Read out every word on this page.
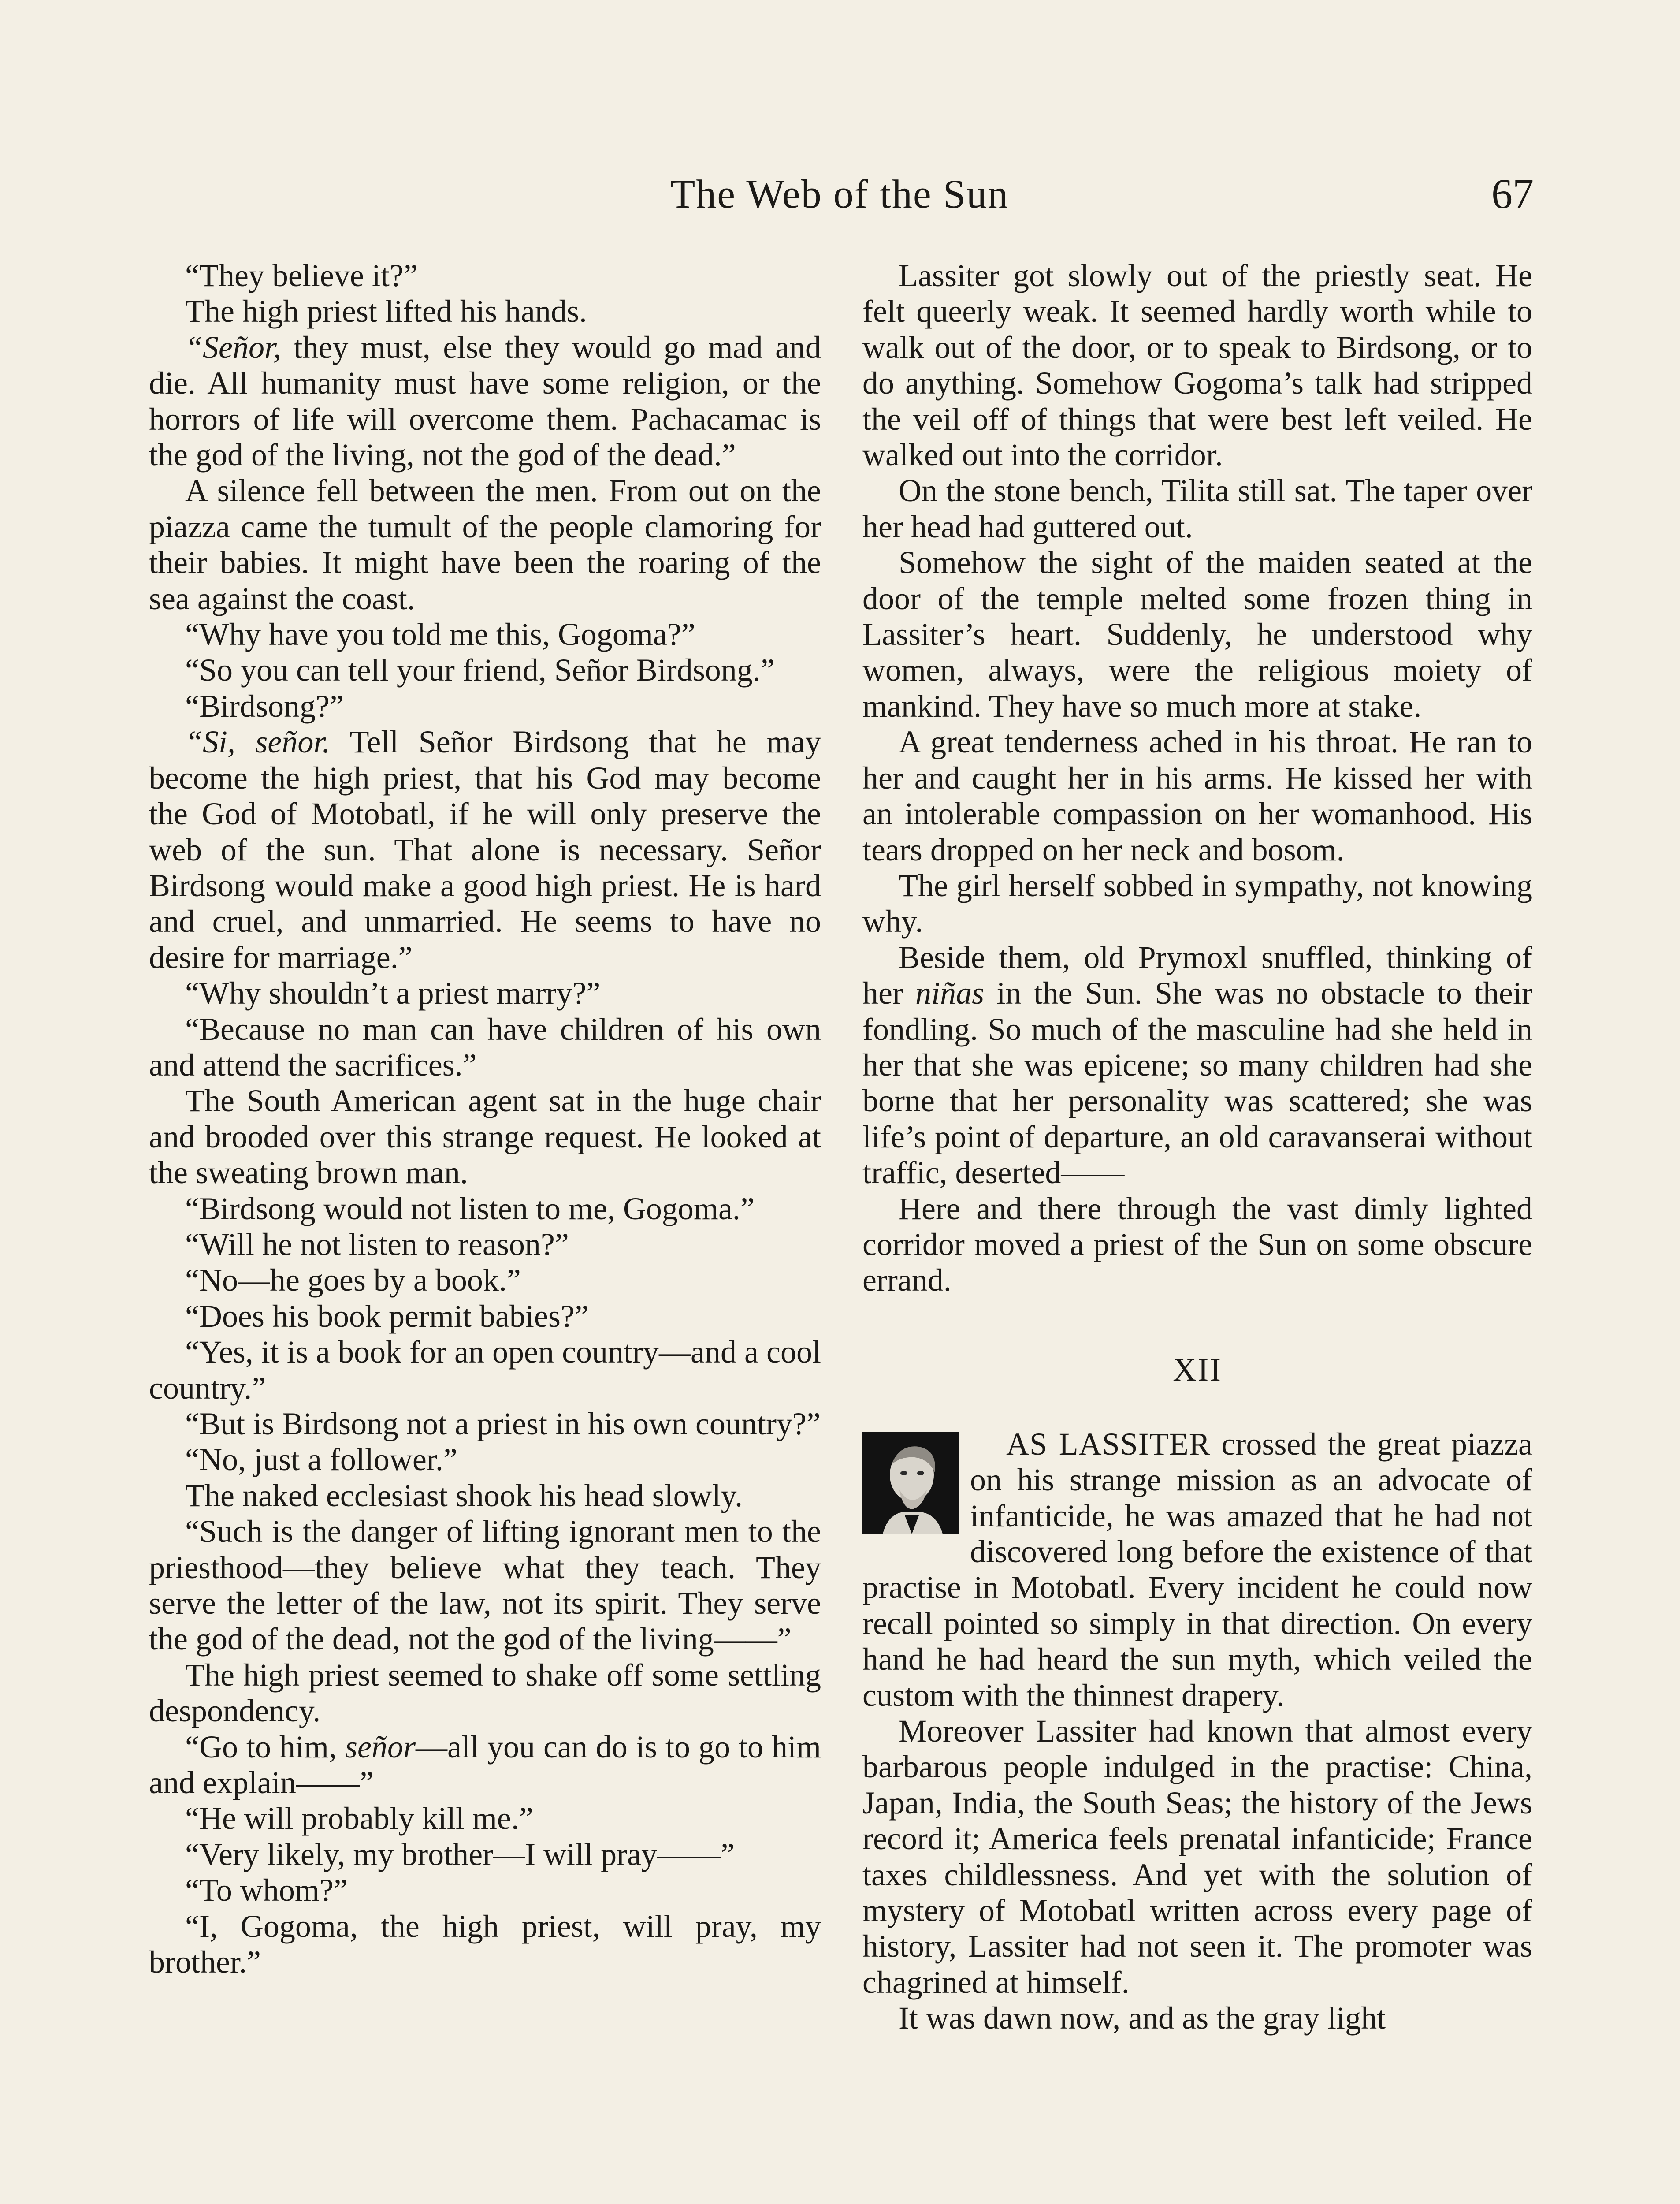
The Web of the Sun	67

“They believe it?”

The high priest lifted his hands.

“Señor, they must, else they would go mad and die. All humanity must have some religion, or the horrors of life will overcome them. Pachacamac is the god of the living, not the god of the dead.”

A silence fell between the men. From out on the piazza came the tumult of the people clamoring for their babies. It might have been the roaring of the sea against the coast.

“Why have you told me this, Gogoma?”

“So you can tell your friend, Señor Birdsong.”

“Birdsong?”

“Si, señor. Tell Señor Birdsong that he may become the high priest, that his God may become the God of Motobatl, if he will only preserve the web of the sun. That alone is necessary. Señor Birdsong would make a good high priest. He is hard and cruel, and unmarried. He seems to have no desire for marriage.”

“Why shouldn’t a priest marry?”

“Because no man can have children of his own and attend the sacrifices.”

The South American agent sat in the huge chair and brooded over this strange request. He looked at the sweating brown man.

“Birdsong would not listen to me, Gogoma.”

“Will he not listen to reason?”

“No—he goes by a book.”

“Does his book permit babies?”

“Yes, it is a book for an open country—and a cool country.”

“But is Birdsong not a priest in his own country?”

“No, just a follower.”

The naked ecclesiast shook his head slowly.

“Such is the danger of lifting ignorant men to the priesthood—they believe what they teach. They serve the letter of the law, not its spirit. They serve the god of the dead, not the god of the living——”

The high priest seemed to shake off some settling despondency.

“Go to him, señor—all you can do is to go to him and explain——”

“He will probably kill me.”

“Very likely, my brother—I will pray——”

“To whom?”

“I, Gogoma, the high priest, will pray, my brother.”

Lassiter got slowly out of the priestly seat. He felt queerly weak. It seemed hardly worth while to walk out of the door, or to speak to Birdsong, or to do anything. Somehow Gogoma’s talk had stripped the veil off of things that were best left veiled. He walked out into the corridor.

On the stone bench, Tilita still sat. The taper over her head had guttered out.

Somehow the sight of the maiden seated at the door of the temple melted some frozen thing in Lassiter’s heart. Suddenly, he understood why women, always, were the religious moiety of mankind. They have so much more at stake.

A great tenderness ached in his throat. He ran to her and caught her in his arms. He kissed her with an intolerable compassion on her womanhood. His tears dropped on her neck and bosom.

The girl herself sobbed in sympathy, not knowing why.

Beside them, old Prymoxl snuffled, thinking of her niñas in the Sun. She was no obstacle to their fondling. So much of the masculine had she held in her that she was epicene; so many children had she borne that her personality was scattered; she was life’s point of departure, an old caravanserai without traffic, deserted——

Here and there through the vast dimly lighted corridor moved a priest of the Sun on some obscure errand.

XII

AS LASSITER crossed the great piazza on his strange mission as an advocate of infanticide, he was amazed that he had not discovered long before the existence of that practise in Motobatl. Every incident he could now recall pointed so simply in that direction. On every hand he had heard the sun myth, which veiled the custom with the thinnest drapery.

Moreover Lassiter had known that almost every barbarous people indulged in the practise: China, Japan, India, the South Seas; the history of the Jews record it; America feels prenatal infanticide; France taxes childlessness. And yet with the solution of mystery of Motobatl written across every page of history, Lassiter had not seen it. The promoter was chagrined at himself.

It was dawn now, and as the gray light
